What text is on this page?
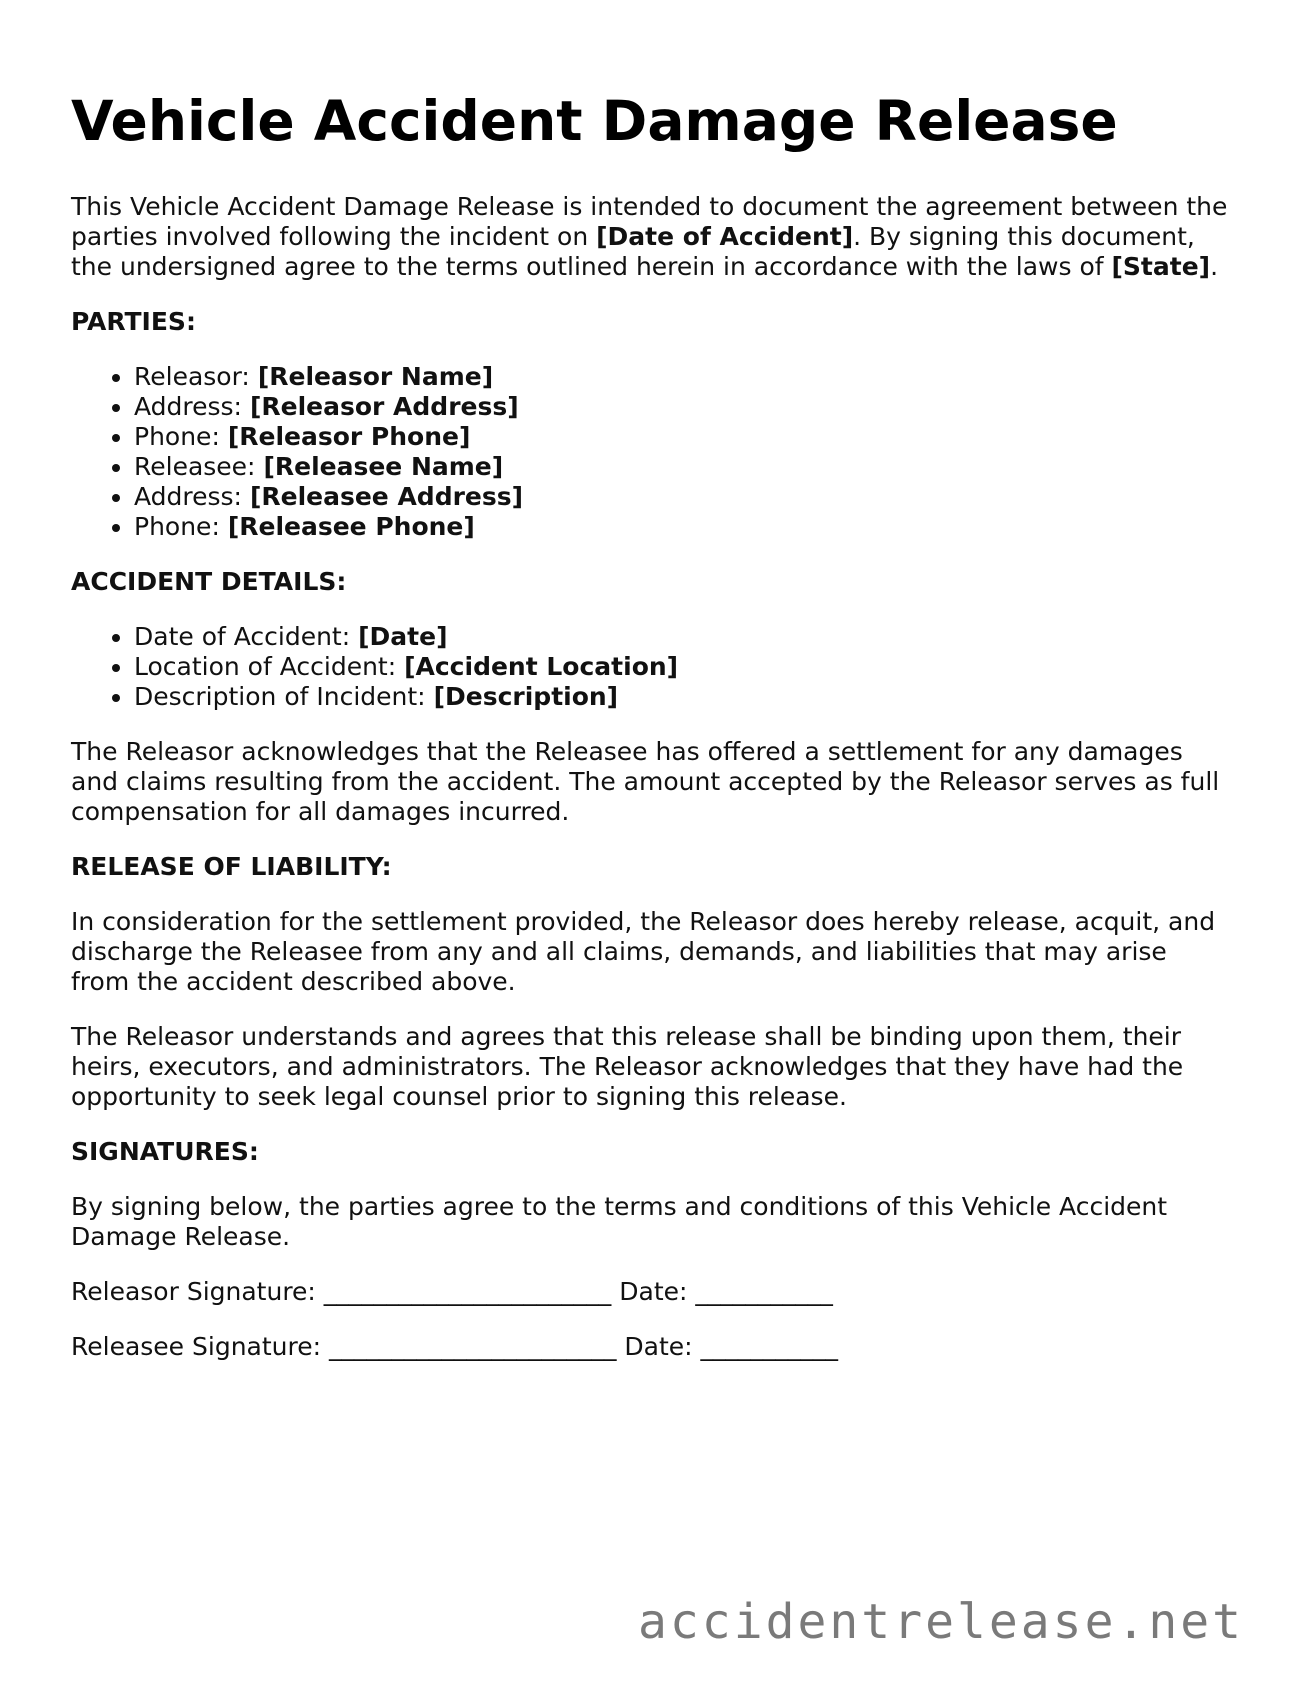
Vehicle Accident Damage Release

This Vehicle Accident Damage Release is intended to document the agreement between the parties involved following the incident on [Date of Accident]. By signing this document, the undersigned agree to the terms outlined herein in accordance with the laws of [State].

PARTIES:

• Releasor: [Releasor Name]
• Address: [Releasor Address]
• Phone: [Releasor Phone]
• Releasee: [Releasee Name]
• Address: [Releasee Address]
• Phone: [Releasee Phone]

ACCIDENT DETAILS:

• Date of Accident: [Date]
• Location of Accident: [Accident Location]
• Description of Incident: [Description]

The Releasor acknowledges that the Releasee has offered a settlement for any damages and claims resulting from the accident. The amount accepted by the Releasor serves as full compensation for all damages incurred.

RELEASE OF LIABILITY:

In consideration for the settlement provided, the Releasor does hereby release, acquit, and discharge the Releasee from any and all claims, demands, and liabilities that may arise from the accident described above.

The Releasor understands and agrees that this release shall be binding upon them, their heirs, executors, and administrators. The Releasor acknowledges that they have had the opportunity to seek legal counsel prior to signing this release.

SIGNATURES:

By signing below, the parties agree to the terms and conditions of this Vehicle Accident Damage Release.

Releasor Signature: _______________________ Date: ___________

Releasee Signature: _______________________ Date: ___________

accidentrelease.net
